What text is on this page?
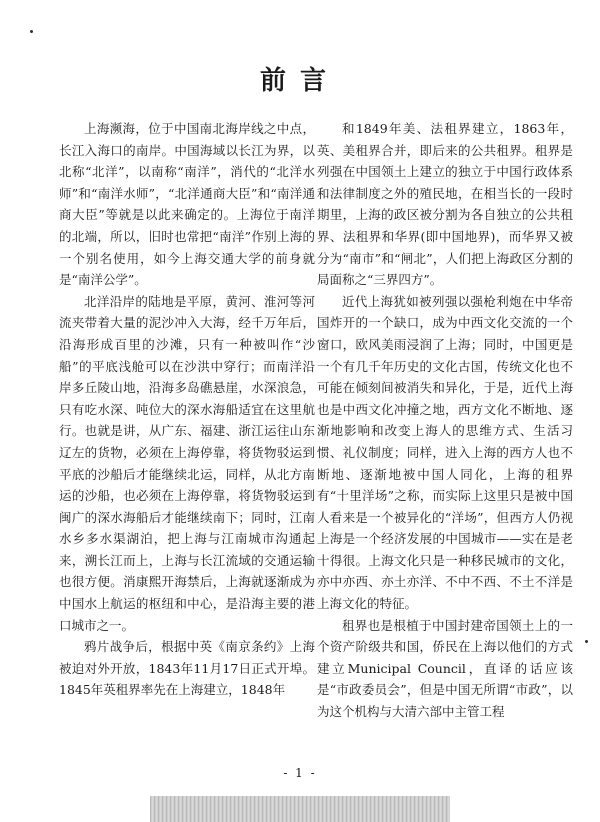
前言

上海濒海，位于中国南北海岸线之中点，长江入海口的南岸。中国海域以长江为界，以北称“北洋”，以南称“南洋”，消代的“北洋水师”和“南洋水师”，“北洋通商大臣”和“南洋通商大臣”等就是以此来确定的。上海位于南洋的北端，所以，旧时也常把“南洋”作别上海的一个别名使用，如今上海交通大学的前身就是“南洋公学”。

北洋沿岸的陆地是平原，黄河、淮河等河流夹带着大量的泥沙冲入大海，经千万年后，沿海形成百里的沙滩，只有一种被叫作“沙船”的平底浅舱可以在沙洪中穿行；而南洋沿岸多丘陵山地，沿海多岛礁悬崖，水深浪急，只有吃水深、吨位大的深水海船适宜在这里航行。也就是讲，从广东、福建、浙江运往山东辽左的货物，必须在上海停靠，将货物驳运到平底的沙船后才能继续北运，同样，从北方南运的沙船，也必须在上海停靠，将货物驳运到闽广的深水海船后才能继续南下；同时，江南水乡多水渠湖泊，把上海与江南城市沟通起来，溯长江而上，上海与长江流域的交通运输也很方便。消康熙开海禁后，上海就逐渐成为中国水上航运的枢纽和中心，是沿海主要的港口城市之一。

鸦片战争后，根据中英《南京条约》上海被迫对外开放，1843年11月17日正式开埠。1845年英租界率先在上海建立，1848年

和1849年美、法租界建立，1863年，英、美租界合并，即后来的公共租界。租界是列强在中国领土上建立的独立于中国行政体系和法律制度之外的殖民地，在相当长的一段时期里，上海的政区被分割为各自独立的公共租界、法租界和华界(即中国地界)，而华界又被分为“南市”和“闸北”，人们把上海政区分割的局面称之“三界四方”。

近代上海犹如被列强以强枪利炮在中华帝国炸开的一个缺口，成为中西文化交流的一个窗口，欧风美雨浸润了上海；同时，中国更是一个有几千年历史的文化古国，传统文化也不可能在倾刻间被消失和异化，于是，近代上海也是中西文化冲撞之地，西方文化不断地、逐渐地影响和改变上海人的思维方式、生活习惯、礼仪制度；同样，进入上海的西方人也不断地、逐渐地被中国人同化，上海的租界有“十里洋场”之称，而实际上这里只是被中国人看来是一个被异化的“洋场”，但西方人仍视上海是一个经济发展的中国城市——实在是老十得很。上海文化只是一种移民城市的文化，亦中亦西、亦土亦洋、不中不西、不土不洋是上海文化的特征。

租界也是根植于中国封建帝国领土上的一个资产阶级共和国，侨民在上海以他们的方式建立Municipal Council，直译的话应该是“市政委员会”，但是中国无所谓“市政”，以为这个机构与大清六部中主管工程

- 1 -
